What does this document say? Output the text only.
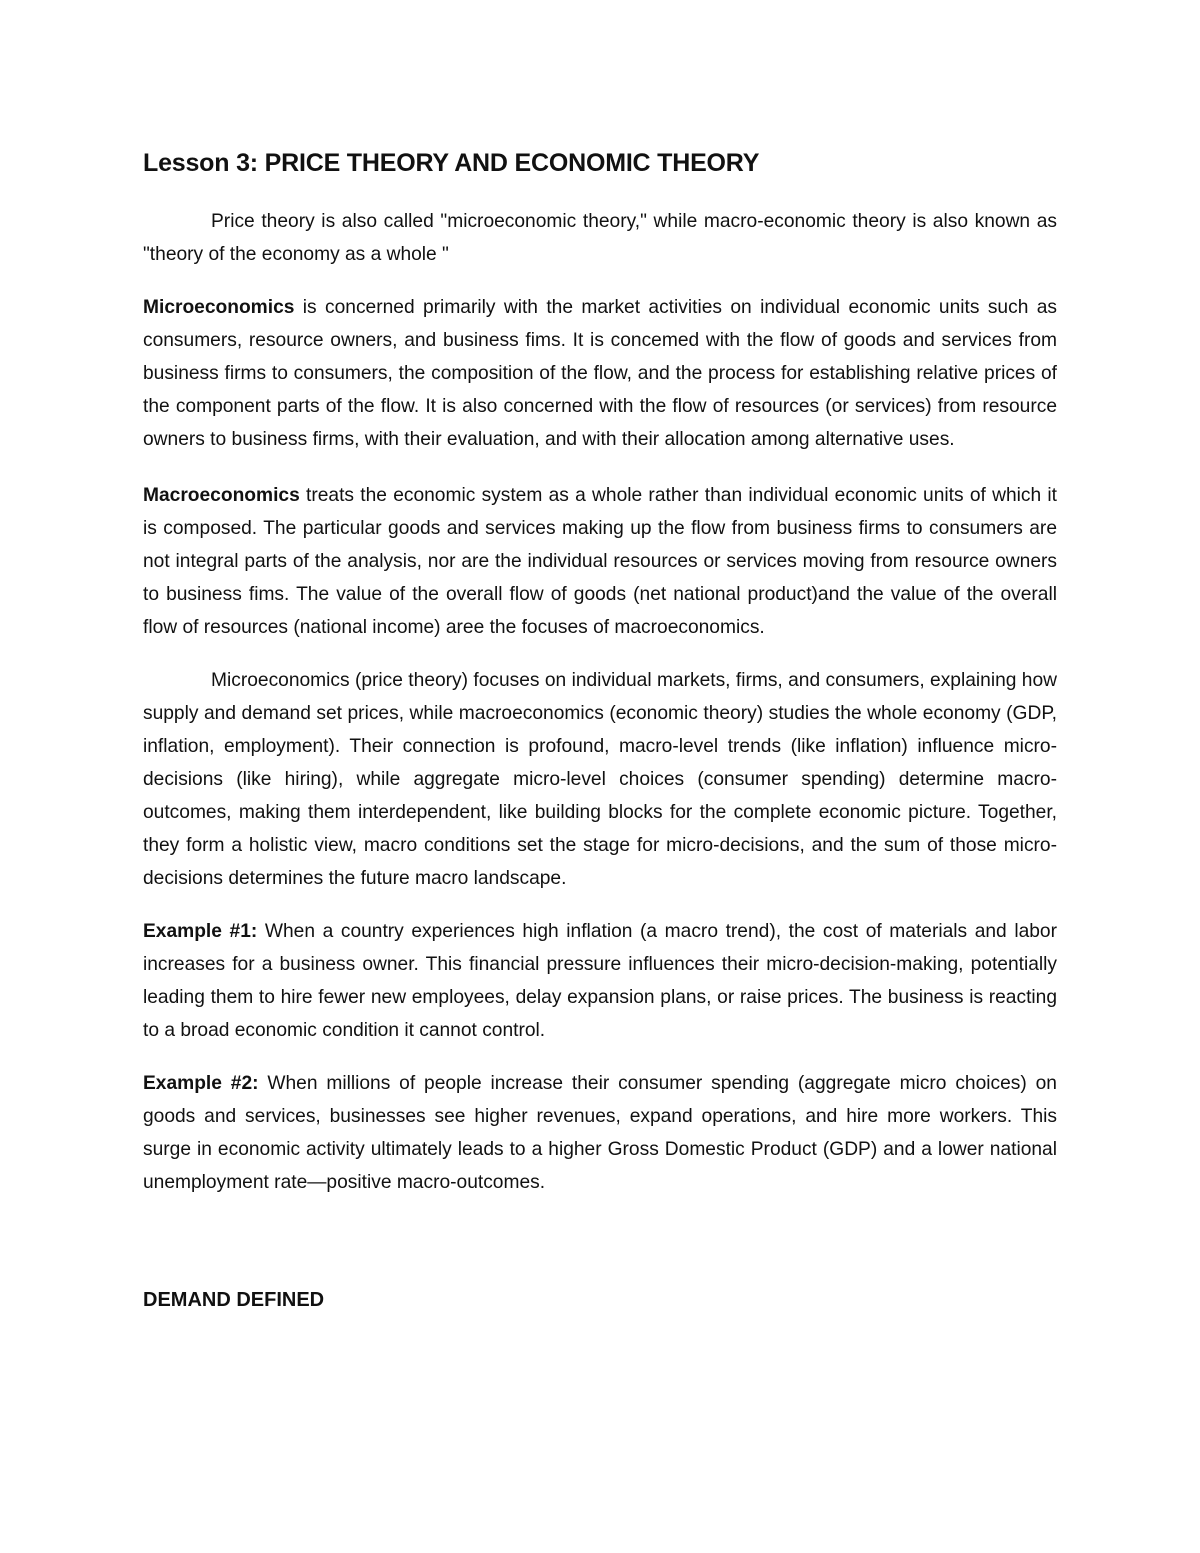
Lesson 3: PRICE THEORY AND ECONOMIC THEORY

Price theory is also called "microeconomic theory," while macro-economic theory is also known as "theory of the economy as a whole "

Microeconomics is concerned primarily with the market activities on individual economic units such as consumers, resource owners, and business fims. It is concemed with the flow of goods and services from business firms to consumers, the composition of the flow, and the process for establishing relative prices of the component parts of the flow. It is also concerned with the flow of resources (or services) from resource owners to business firms, with their evaluation, and with their allocation among alternative uses.

Macroeconomics treats the economic system as a whole rather than individual economic units of which it is composed. The particular goods and services making up the flow from business firms to consumers are not integral parts of the analysis, nor are the individual resources or services moving from resource owners to business fims. The value of the overall flow of goods (net national product)and the value of the overall flow of resources (national income) aree the focuses of macroeconomics.

Microeconomics (price theory) focuses on individual markets, firms, and consumers, explaining how supply and demand set prices, while macroeconomics (economic theory) studies the whole economy (GDP, inflation, employment). Their connection is profound, macro-level trends (like inflation) influence micro-decisions (like hiring), while aggregate micro-level choices (consumer spending) determine macro-outcomes, making them interdependent, like building blocks for the complete economic picture. Together, they form a holistic view, macro conditions set the stage for micro-decisions, and the sum of those micro-decisions determines the future macro landscape.

Example #1: When a country experiences high inflation (a macro trend), the cost of materials and labor increases for a business owner. This financial pressure influences their micro-decision-making, potentially leading them to hire fewer new employees, delay expansion plans, or raise prices. The business is reacting to a broad economic condition it cannot control.

Example #2: When millions of people increase their consumer spending (aggregate micro choices) on goods and services, businesses see higher revenues, expand operations, and hire more workers. This surge in economic activity ultimately leads to a higher Gross Domestic Product (GDP) and a lower national unemployment rate—positive macro-outcomes.

DEMAND DEFINED
